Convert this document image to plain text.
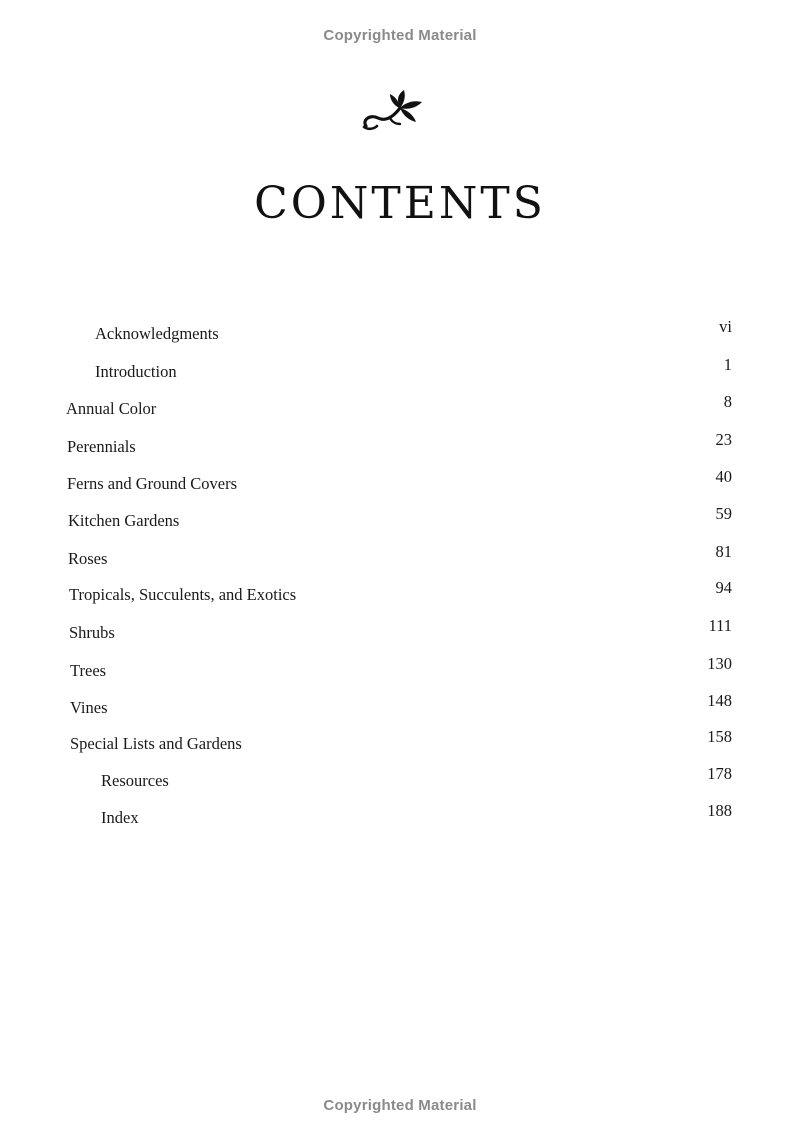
Copyrighted Material
CONTENTS
Acknowledgments	vi
Introduction	1
Annual Color	8
Perennials	23
Ferns and Ground Covers	40
Kitchen Gardens	59
Roses	81
Tropicals, Succulents, and Exotics	94
Shrubs	111
Trees	130
Vines	148
Special Lists and Gardens	158
Resources	178
Index	188
Copyrighted Material
